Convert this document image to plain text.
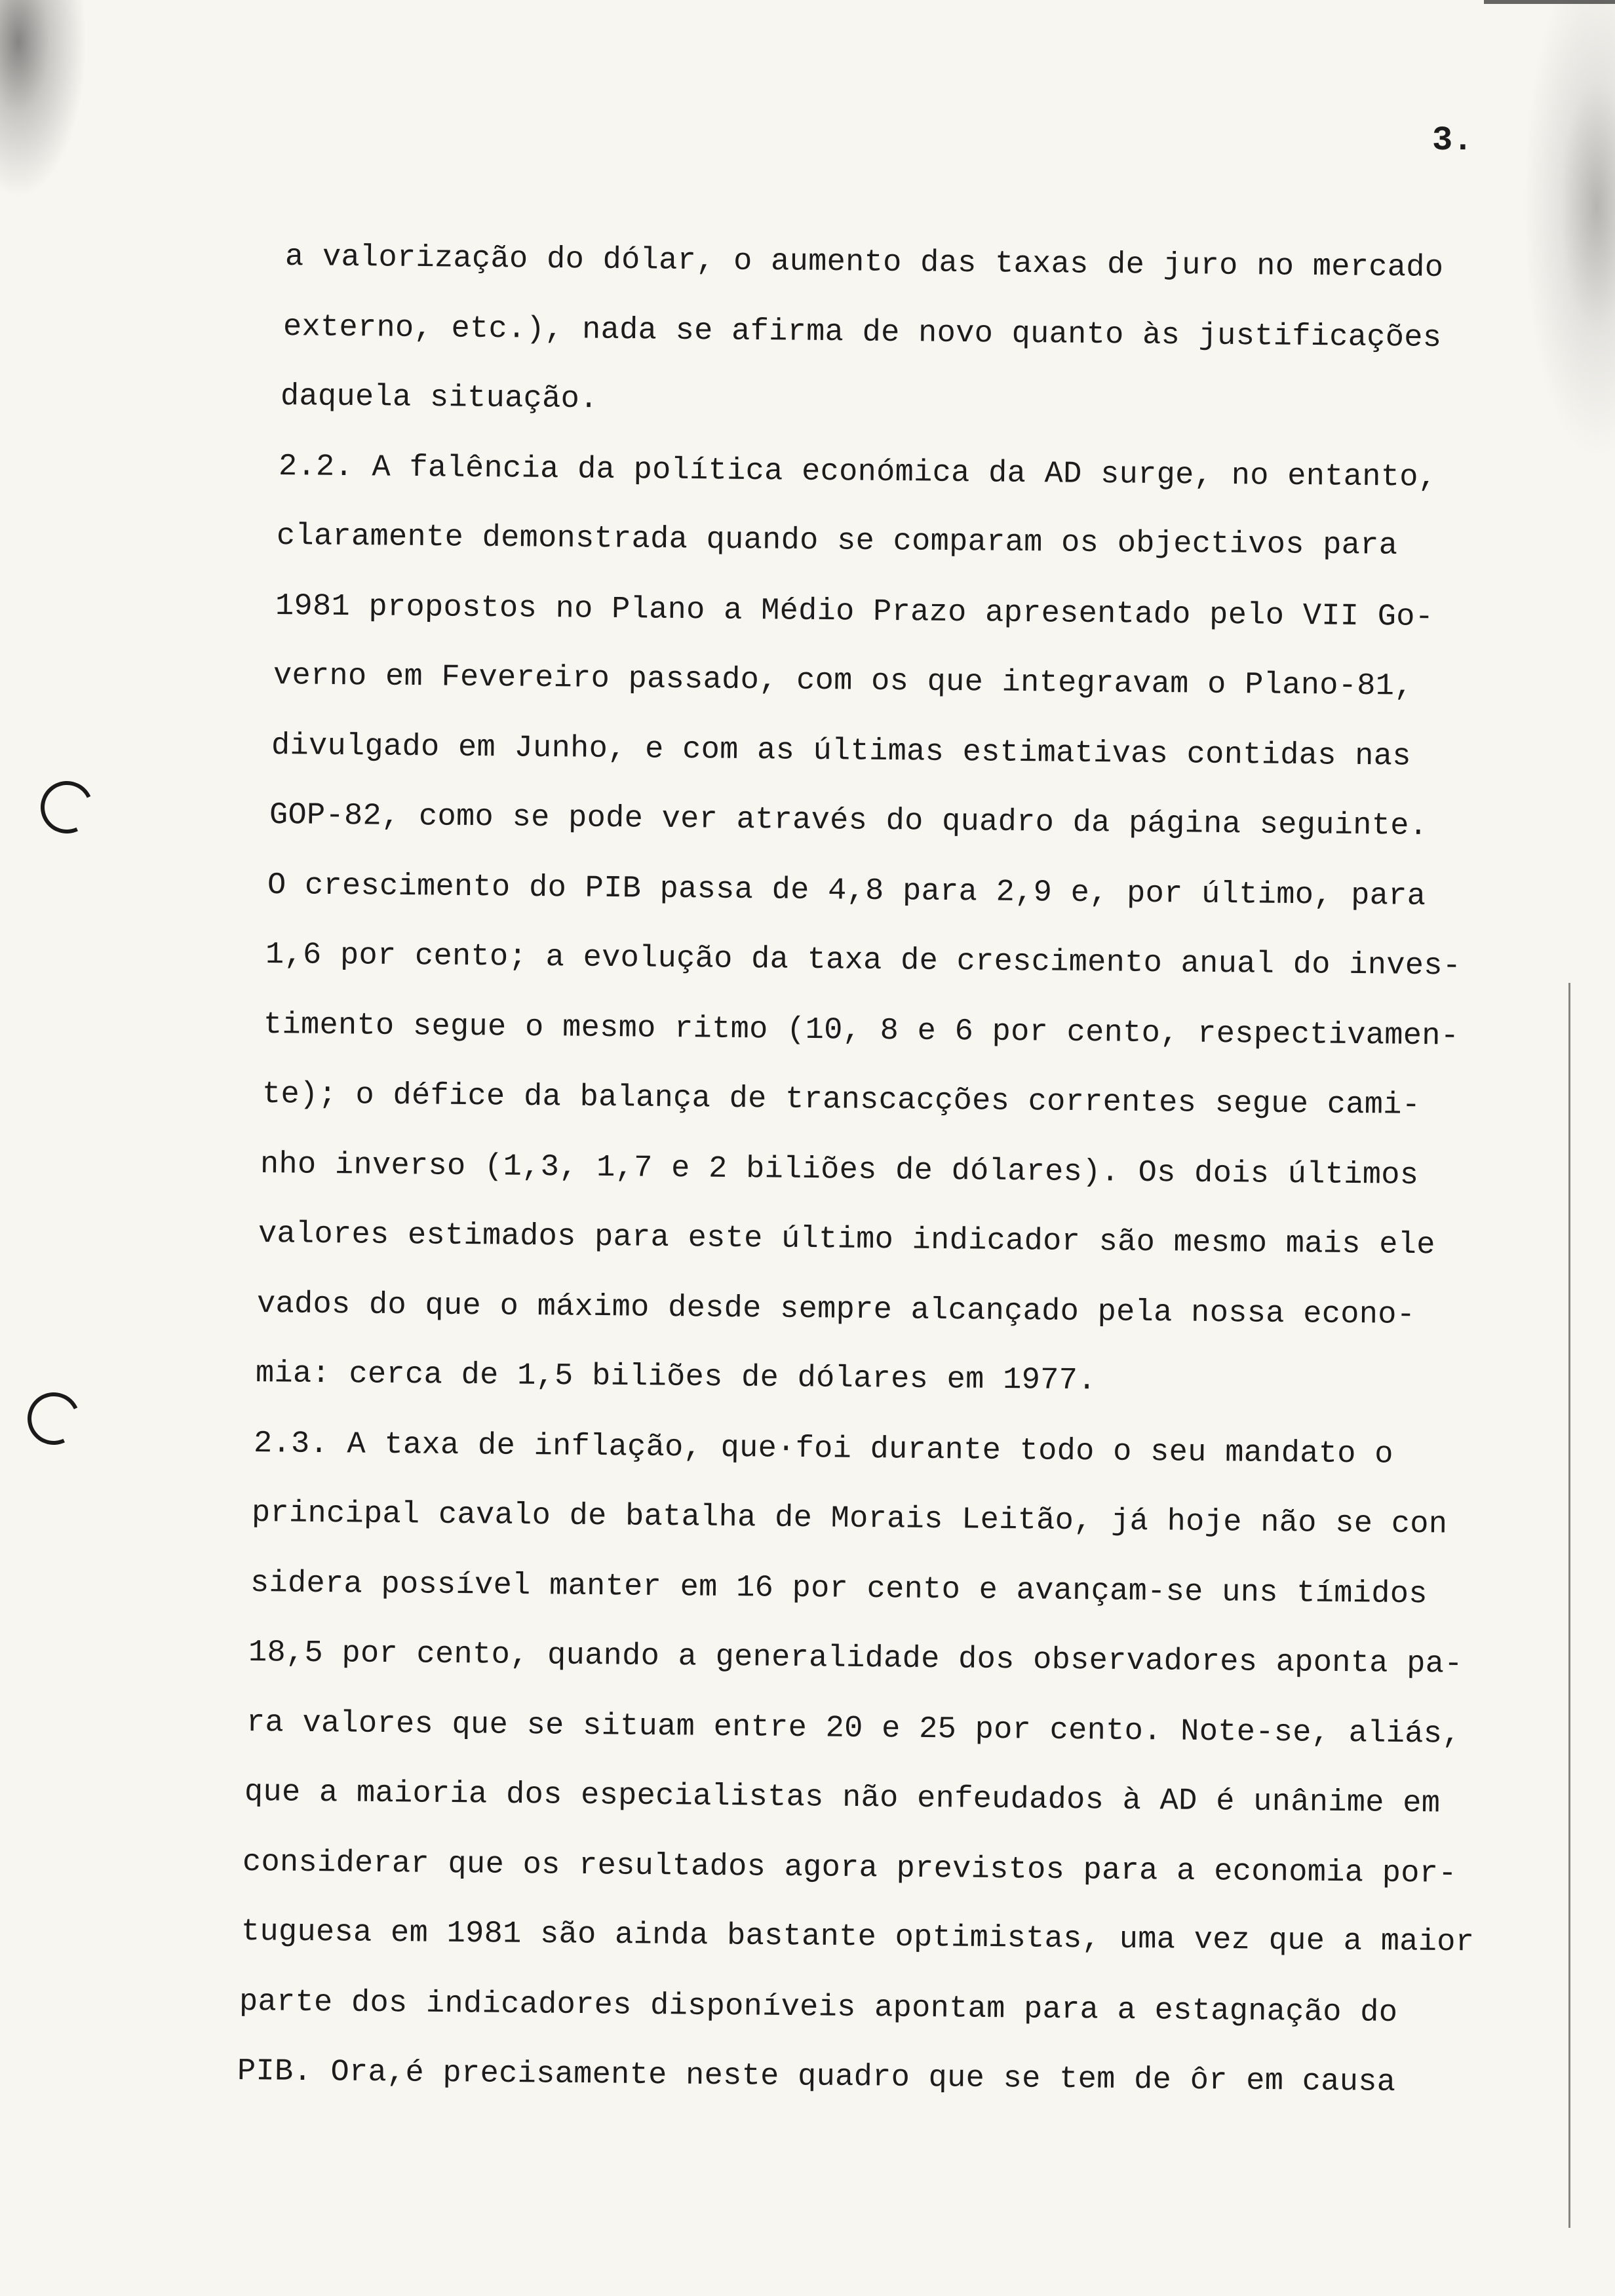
3.
a valorização do dólar, o aumento das taxas de juro no mercado
externo, etc.), nada se afirma de novo quanto às justificações
daquela situação.
2.2. A falência da política económica da AD surge, no entanto,
claramente demonstrada quando se comparam os objectivos para
1981 propostos no Plano a Médio Prazo apresentado pelo VII Go-
verno em Fevereiro passado, com os que integravam o Plano-81,
divulgado em Junho, e com as últimas estimativas contidas nas
GOP-82, como se pode ver através do quadro da página seguinte.
O crescimento do PIB passa de 4,8 para 2,9 e, por último, para
1,6 por cento; a evolução da taxa de crescimento anual do inves-
timento segue o mesmo ritmo (10, 8 e 6 por cento, respectivamen-
te); o défice da balança de transcacções correntes segue cami-
nho inverso (1,3, 1,7 e 2 biliões de dólares). Os dois últimos
valores estimados para este último indicador são mesmo mais ele
vados do que o máximo desde sempre alcançado pela nossa econo-
mia: cerca de 1,5 biliões de dólares em 1977.
2.3. A taxa de inflação, que·foi durante todo o seu mandato o
principal cavalo de batalha de Morais Leitão, já hoje não se con
sidera possível manter em 16 por cento e avançam-se uns tímidos
18,5 por cento, quando a generalidade dos observadores aponta pa-
ra valores que se situam entre 20 e 25 por cento. Note-se, aliás,
que a maioria dos especialistas não enfeudados à AD é unânime em
considerar que os resultados agora previstos para a economia por-
tuguesa em 1981 são ainda bastante optimistas, uma vez que a maior
parte dos indicadores disponíveis apontam para a estagnação do
PIB. Ora,é precisamente neste quadro que se tem de ôr em causa
